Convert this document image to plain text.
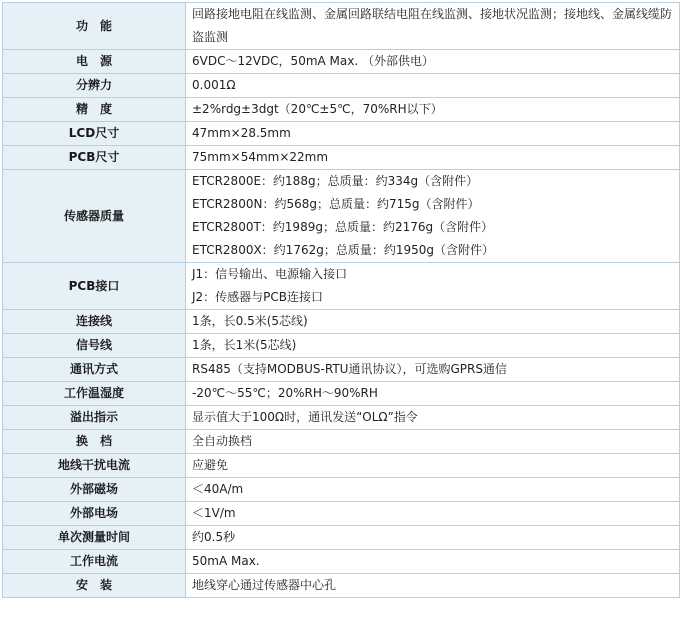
功　能	回路接地电阻在线监测、金属回路联结电阻在线监测、接地状况监测；接地线、金属线缆防盗监测

电　源	6VDC～12VDC，50mA Max. （外部供电）

分辨力	0.001Ω

精　度	±2%rdg±3dgt（20℃±5℃，70%RH以下）

LCD尺寸	47mm×28.5mm

PCB尺寸	75mm×54mm×22mm

传感器质量	ETCR2800E：约188g；总质量：约334g（含附件）
ETCR2800N：约568g；总质量：约715g（含附件）
ETCR2800T：约1989g；总质量：约2176g（含附件）
ETCR2800X：约1762g；总质量：约1950g（含附件）

PCB接口	J1：信号输出、电源输入接口
J2：传感器与PCB连接口

连接线	1条，长0.5米(5芯线)

信号线	1条，长1米(5芯线)

通讯方式	RS485（支持MODBUS-RTU通讯协议），可选购GPRS通信

工作温湿度	-20℃～55℃；20%RH～90%RH

溢出指示	显示值大于100Ω时，通讯发送“OLΩ”指令

换　档	全自动换档

地线干扰电流	应避免

外部磁场	＜40A/m

外部电场	＜1V/m

单次测量时间	约0.5秒

工作电流	50mA Max.

安　装	地线穿心通过传感器中心孔
